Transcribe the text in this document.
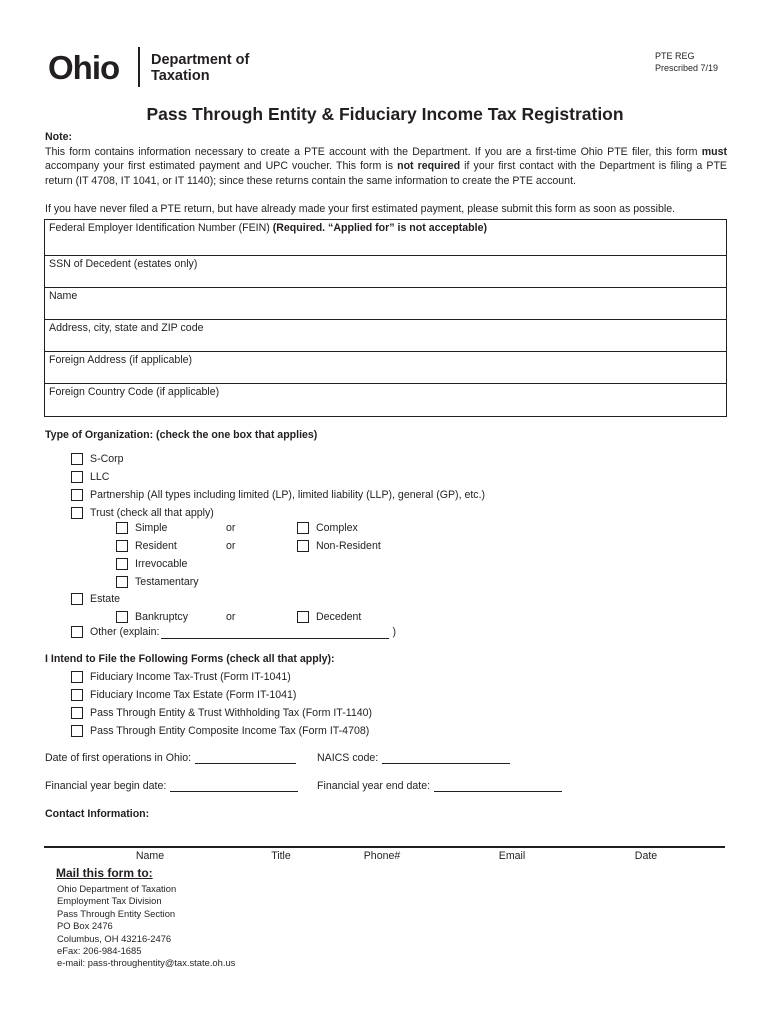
Ohio Department of
Taxation
PTE REG
Prescribed 7/19
Pass Through Entity & Fiduciary Income Tax Registration

Note:

This form contains information necessary to create a PTE account with the Department. If you are a first-time Ohio PTE filer, this form must accompany your first estimated payment and UPC voucher. This form is not required if your first contact with the Department is filing a PTE return (IT 4708, IT 1041, or IT 1140); since these returns contain the same information to create the PTE account.

If you have never filed a PTE return, but have already made your first estimated payment, please submit this form as soon as possible.

Federal Employer Identification Number (FEIN) (Required. “Applied for” is not acceptable)
SSN of Decedent (estates only)
Name
Address, city, state and ZIP code
Foreign Address (if applicable)
Foreign Country Code (if applicable)
Type of Organization: (check the one box that applies)
S-Corp
LLC
Partnership (All types including limited (LP), limited liability (LLP), general (GP), etc.)
Trust (check all that apply)
Simple	or	Complex
Resident	or	Non-Resident
Irrevocable
Testamentary
Estate
Bankruptcy	or	Decedent
Other (explain:	)
I Intend to File the Following Forms (check all that apply):
Fiduciary Income Tax-Trust (Form IT-1041)
Fiduciary Income Tax Estate (Form IT-1041)
Pass Through Entity & Trust Withholding Tax (Form IT-1140)
Pass Through Entity Composite Income Tax (Form IT-4708)
Date of first operations in Ohio:	NAICS code:
Financial year begin date:	Financial year end date:
Contact Information:
Name	Title	Phone#	Email	Date
Mail this form to:
Ohio Department of Taxation
Employment Tax Division
Pass Through Entity Section
PO Box 2476
Columbus, OH 43216-2476
eFax: 206-984-1685
e-mail: pass-throughentity@tax.state.oh.us
